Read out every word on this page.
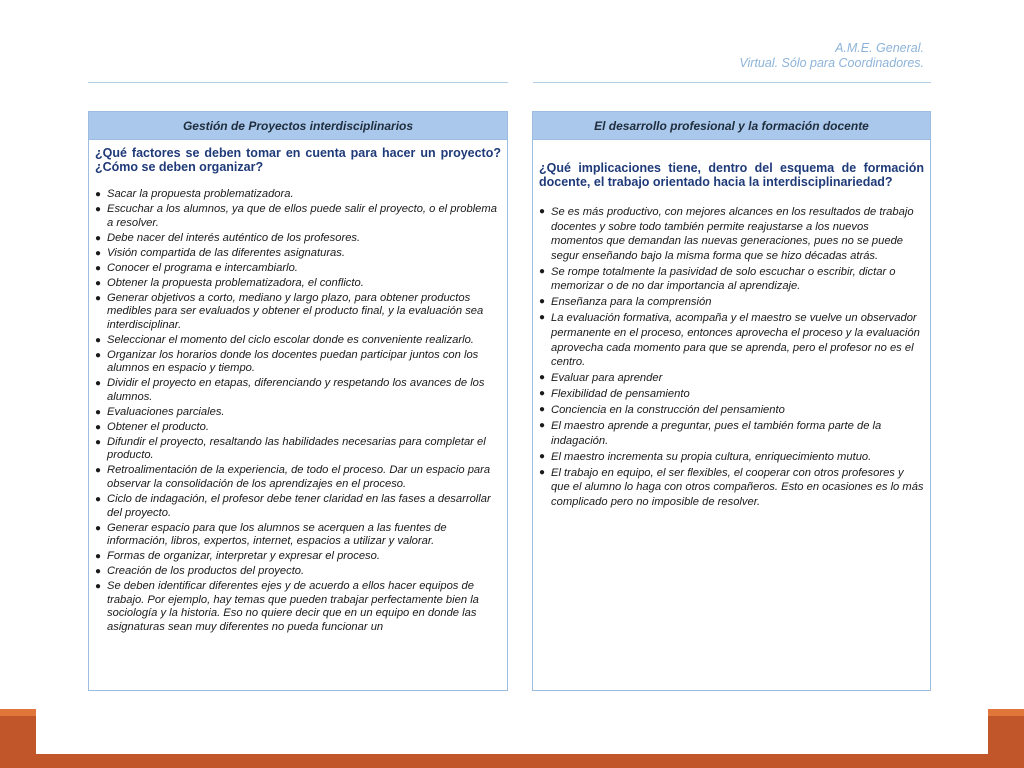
A.M.E. General.
Virtual. Sólo para Coordinadores.
Gestión de Proyectos interdisciplinarios

¿Qué factores se deben tomar en cuenta para hacer un proyecto? ¿Cómo se deben organizar?

● Sacar la propuesta problematizadora.
● Escuchar a los alumnos, ya que de ellos puede salir el proyecto, o el problema a resolver.
● Debe nacer del interés auténtico de los profesores.
● Visión compartida de las diferentes asignaturas.
● Conocer el programa e intercambiarlo.
● Obtener la propuesta problematizadora, el conflicto.
● Generar objetivos a corto, mediano y largo plazo, para obtener productos medibles para ser evaluados y obtener el producto final, y la evaluación sea interdisciplinar.
● Seleccionar el momento del ciclo escolar donde es conveniente realizarlo.
● Organizar los horarios donde los docentes puedan participar juntos con los alumnos en espacio y tiempo.
● Dividir el proyecto en etapas, diferenciando y respetando los avances de los alumnos.
● Evaluaciones parciales.
● Obtener el producto.
● Difundir el proyecto, resaltando las habilidades necesarias para completar el producto.
● Retroalimentación de la experiencia, de todo el proceso. Dar un espacio para observar la consolidación de los aprendizajes en el proceso.
● Ciclo de indagación, el profesor debe tener claridad en las fases a desarrollar del proyecto.
● Generar espacio para que los alumnos se acerquen a las fuentes de información, libros, expertos, internet, espacios a utilizar y valorar.
● Formas de organizar, interpretar y expresar el proceso.
● Creación de los productos del proyecto.
● Se deben identificar diferentes ejes y de acuerdo a ellos hacer equipos de trabajo. Por ejemplo, hay temas que pueden trabajar perfectamente bien la sociología y la historia. Eso no quiere decir que en un equipo en donde las asignaturas sean muy diferentes no pueda funcionar un
El desarrollo profesional y la formación docente

¿Qué implicaciones tiene, dentro del esquema de formación docente, el trabajo orientado hacia la interdisciplinariedad?

● Se es más productivo, con mejores alcances en los resultados de trabajo docentes y sobre todo también permite reajustarse a los nuevos momentos que demandan las nuevas generaciones, pues no se puede segur enseñando bajo la misma forma que se hizo décadas atrás.
● Se rompe totalmente la pasividad de solo escuchar o escribir, dictar o memorizar o de no dar importancia al aprendizaje.
● Enseñanza para la comprensión
● La evaluación formativa, acompaña y el maestro se vuelve un observador permanente en el proceso, entonces aprovecha el proceso y la evaluación aprovecha cada momento para que se aprenda, pero el profesor no es el centro.
● Evaluar para aprender
● Flexibilidad de pensamiento
● Conciencia en la construcción del pensamiento
● El maestro aprende a preguntar, pues el también forma parte de la indagación.
● El maestro incrementa su propia cultura, enriquecimiento mutuo.
● El trabajo en equipo, el ser flexibles, el cooperar con otros profesores y que el alumno lo haga con otros compañeros. Esto en ocasiones es lo más complicado pero no imposible de resolver.
